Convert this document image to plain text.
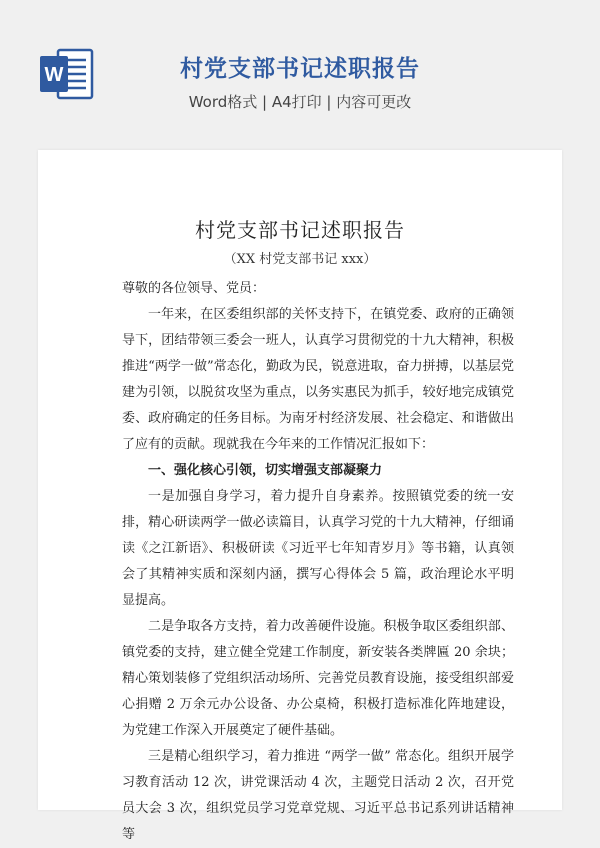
W	村党支部书记述职报告
Word格式 | A4打印 | 内容可更改
村党支部书记述职报告
（XX 村党支部书记 xxx）

尊敬的各位领导、党员：

一年来，在区委组织部的关怀支持下，在镇党委、政府的正确领导下，团结带领三委会一班人，认真学习贯彻党的十九大精神，积极推进“两学一做”常态化，勤政为民，锐意进取，奋力拼搏，以基层党建为引领，以脱贫攻坚为重点，以务实惠民为抓手，较好地完成镇党委、政府确定的任务目标。为南牙村经济发展、社会稳定、和谐做出了应有的贡献。现就我在今年来的工作情况汇报如下：

一、强化核心引领，切实增强支部凝聚力

一是加强自身学习，着力提升自身素养。按照镇党委的统一安排，精心研读两学一做必读篇目，认真学习党的十九大精神，仔细诵读《之江新语》、积极研读《习近平七年知青岁月》等书籍，认真领会了其精神实质和深刻内涵，撰写心得体会 5 篇，政治理论水平明显提高。

二是争取各方支持，着力改善硬件设施。积极争取区委组织部、镇党委的支持，建立健全党建工作制度，新安装各类牌匾 20 余块；精心策划装修了党组织活动场所、完善党员教育设施，接受组织部爱心捐赠 2 万余元办公设备、办公桌椅，积极打造标准化阵地建设，为党建工作深入开展奠定了硬件基础。

三是精心组织学习，着力推进 “两学一做” 常态化。组织开展学习教育活动 12 次，讲党课活动 4 次，主题党日活动 2 次，召开党员大会 3 次，组织党员学习党章党规、习近平总书记系列讲话精神等
